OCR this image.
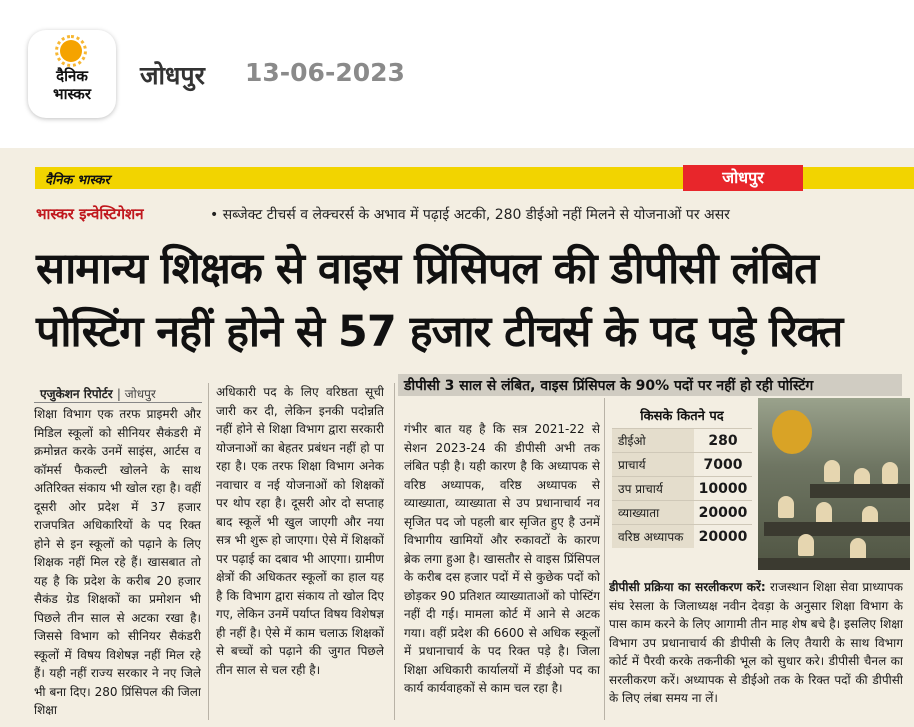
दैनिक
भास्कर
जोधपुर 13-06-2023
दैनिक भास्कर	जोधपुर
भास्कर इन्वेस्टिगेशन	• सब्जेक्ट टीचर्स व लेक्चरर्स के अभाव में पढ़ाई अटकी, 280 डीईओ नहीं मिलने से योजनाओं पर असर
सामान्य शिक्षक से वाइस प्रिंसिपल की डीपीसी लंबित
पोस्टिंग नहीं होने से 57 हजार टीचर्स के पद पड़े रिक्त
डीपीसी 3 साल से लंबित, वाइस प्रिंसिपल के 90% पदों पर नहीं हो रही पोस्टिंग
एजुकेशन रिपोर्टर | जोधपुर
शिक्षा विभाग एक तरफ प्राइमरी और मिडिल स्कूलों को सीनियर सैकंडरी में क्रमोन्नत करके उनमें साइंस, आर्टस व कॉमर्स फैकल्टी खोलने के साथ अतिरिक्त संकाय भी खोल रहा है। वहीं दूसरी ओर प्रदेश में 37 हजार राजपत्रित अधिकारियों के पद रिक्त होने से इन स्कूलों को पढ़ाने के लिए शिक्षक नहीं मिल रहे हैं। खासबात तो यह है कि प्रदेश के करीब 20 हजार सैकंड ग्रेड शिक्षकों का प्रमोशन भी पिछले तीन साल से अटका रखा है। जिससे विभाग को सीनियर सैकंडरी स्कूलों में विषय विशेषज्ञ नहीं मिल रहे हैं। यही नहीं राज्य सरकार ने नए जिले भी बना दिए। 280 प्रिंसिपल की जिला शिक्षा
अधिकारी पद के लिए वरिष्ठता सूची जारी कर दी, लेकिन इनकी पदोन्नति नहीं होने से शिक्षा विभाग द्वारा सरकारी योजनाओं का बेहतर प्रबंधन नहीं हो पा रहा है। एक तरफ शिक्षा विभाग अनेक नवाचार व नई योजनाओं को शिक्षकों पर थोप रहा है। दूसरी ओर दो सप्ताह बाद स्कूलें भी खुल जाएगी और नया सत्र भी शुरू हो जाएगा। ऐसे में शिक्षकों पर पढ़ाई का दबाव भी आएगा। ग्रामीण क्षेत्रों की अधिकतर स्कूलों का हाल यह है कि विभाग द्वारा संकाय तो खोल दिए गए, लेकिन उनमें पर्याप्त विषय विशेषज्ञ ही नहीं है। ऐसे में काम चलाऊ शिक्षकों से बच्चों को पढ़ाने की जुगत पिछले तीन साल से चल रही है।
गंभीर बात यह है कि सत्र 2021-22 से सेशन 2023-24 की डीपीसी अभी तक लंबित पड़ी है। यही कारण है कि अध्यापक से वरिष्ठ अध्यापक, वरिष्ठ अध्यापक से व्याख्याता, व्याख्याता से उप प्रधानाचार्य नव सृजित पद जो पहली बार सृजित हुए है उनमें विभागीय खामियों और रुकावटों के कारण ब्रेक लगा हुआ है। खासतौर से वाइस प्रिंसिपल के करीब दस हजार पदों में से कुछेक पदों को छोड़कर 90 प्रतिशत व्याख्याताओं को पोस्टिंग नहीं दी गई। मामला कोर्ट में आने से अटक गया। वहीं प्रदेश की 6600 से अधिक स्कूलों में प्रधानाचार्य के पद रिक्त पड़े है। जिला शिक्षा अधिकारी कार्यालयों में डीईओ पद का कार्य कार्यवाहकों से काम चल रहा है।
किसके कितने पद
डीईओ	280
प्राचार्य	7000
उप प्राचार्य	10000
व्याख्याता	20000
वरिष्ठ अध्यापक	20000
डीपीसी प्रक्रिया का सरलीकरण करें: राजस्थान शिक्षा सेवा प्राध्यापक संघ रेसला के जिलाध्यक्ष नवीन देवड़ा के अनुसार शिक्षा विभाग के पास काम करने के लिए आगामी तीन माह शेष बचे है। इसलिए शिक्षा विभाग उप प्रधानाचार्य की डीपीसी के लिए तैयारी के साथ विभाग कोर्ट में पैरवी करके तकनीकी भूल को सुधार करे। डीपीसी चैनल का सरलीकरण करें। अध्यापक से डीईओ तक के रिक्त पदों की डीपीसी के लिए लंबा समय ना लें।
